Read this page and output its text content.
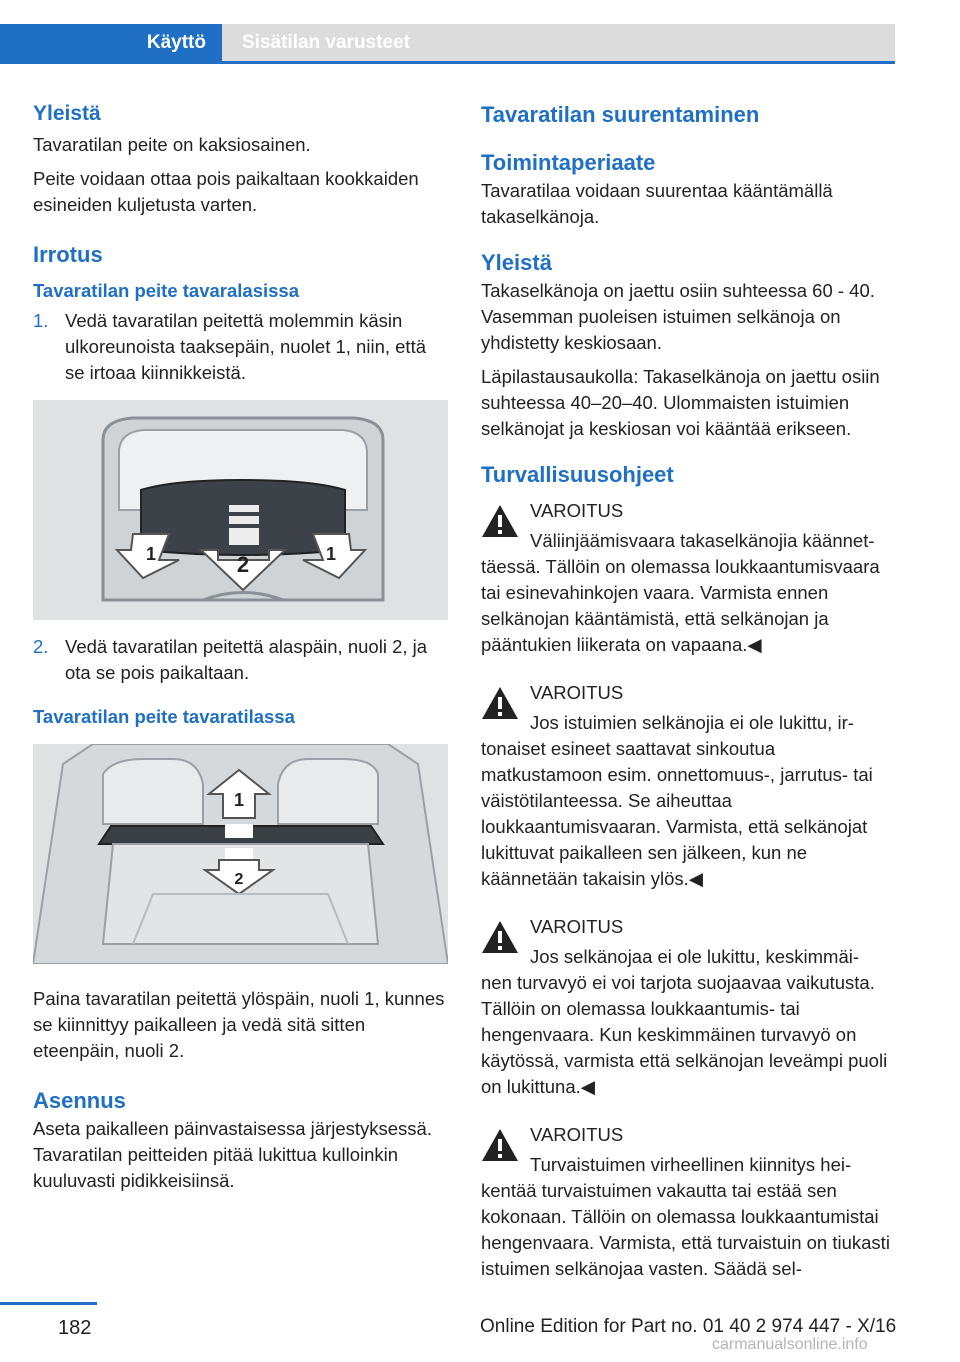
Käyttö	Sisätilan varusteet
Yleistä

Tavaratilan peite on kaksiosainen.

Peite voidaan ottaa pois paikaltaan kookkaiden esineiden kuljetusta varten.

Irrotus
Tavaratilan peite tavaralasissa
1. Vedä tavaratilan peitettä molemmin käsin ulkoreunoista taaksepäin, nuolet 1, niin, että se irtoaa kiinnikkeistä.
2
1	1
2. Vedä tavaratilan peitettä alaspäin, nuoli 2, ja ota se pois paikaltaan.
Tavaratilan peite tavaratilassa
1
2

Paina tavaratilan peitettä ylöspäin, nuoli 1, kunnes se kiinnittyy paikalleen ja vedä sitä sitten eteenpäin, nuoli 2.

Asennus

Aseta paikalleen päinvastaisessa järjestyksessä. Tavaratilan peitteiden pitää lukittua kulloinkin kuuluvasti pidikkeisiinsä.

Tavaratilan suurentaminen
Toimintaperiaate

Tavaratilaa voidaan suurentaa kääntämällä takaselkänoja.

Yleistä

Takaselkänoja on jaettu osiin suhteessa 60 - 40. Vasemman puoleisen istuimen selkänoja on yhdistetty keskiosaan.

Läpilastausaukolla: Takaselkänoja on jaettu osiin suhteessa 40–20–40. Ulommaisten istuimien selkänojat ja keskiosan voi kääntää erikseen.

Turvallisuusohjeet
VAROITUS
Väliinjäämisvaara takaselkänojia käännet-
täessä. Tällöin on olemassa loukkaantumisvaara tai esinevahinkojen vaara. Varmista ennen selkänojan kääntämistä, että selkänojan ja pääntukien liikerata on vapaana.◀
VAROITUS
Jos istuimien selkänojia ei ole lukittu, ir-
tonaiset esineet saattavat sinkoutua matkustamoon esim. onnettomuus-, jarrutus- tai väistötilanteessa. Se aiheuttaa loukkaantumisvaaran. Varmista, että selkänojat lukittuvat paikalleen sen jälkeen, kun ne käännetään takaisin ylös.◀
VAROITUS
Jos selkänojaa ei ole lukittu, keskimmäi-
nen turvavyö ei voi tarjota suojaavaa vaikutusta. Tällöin on olemassa loukkaantumis- tai hengenvaara. Kun keskimmäinen turvavyö on käytössä, varmista että selkänojan leveämpi puoli on lukittuna.◀
VAROITUS
Turvaistuimen virheellinen kiinnitys hei-
kentää turvaistuimen vakautta tai estää sen kokonaan. Tällöin on olemassa loukkaantumistai hengenvaara. Varmista, että turvaistuin on tiukasti istuimen selkänojaa vasten. Säädä sel-
182	Online Edition for Part no. 01 40 2 974 447 - X/16
carmanualsonline.info
